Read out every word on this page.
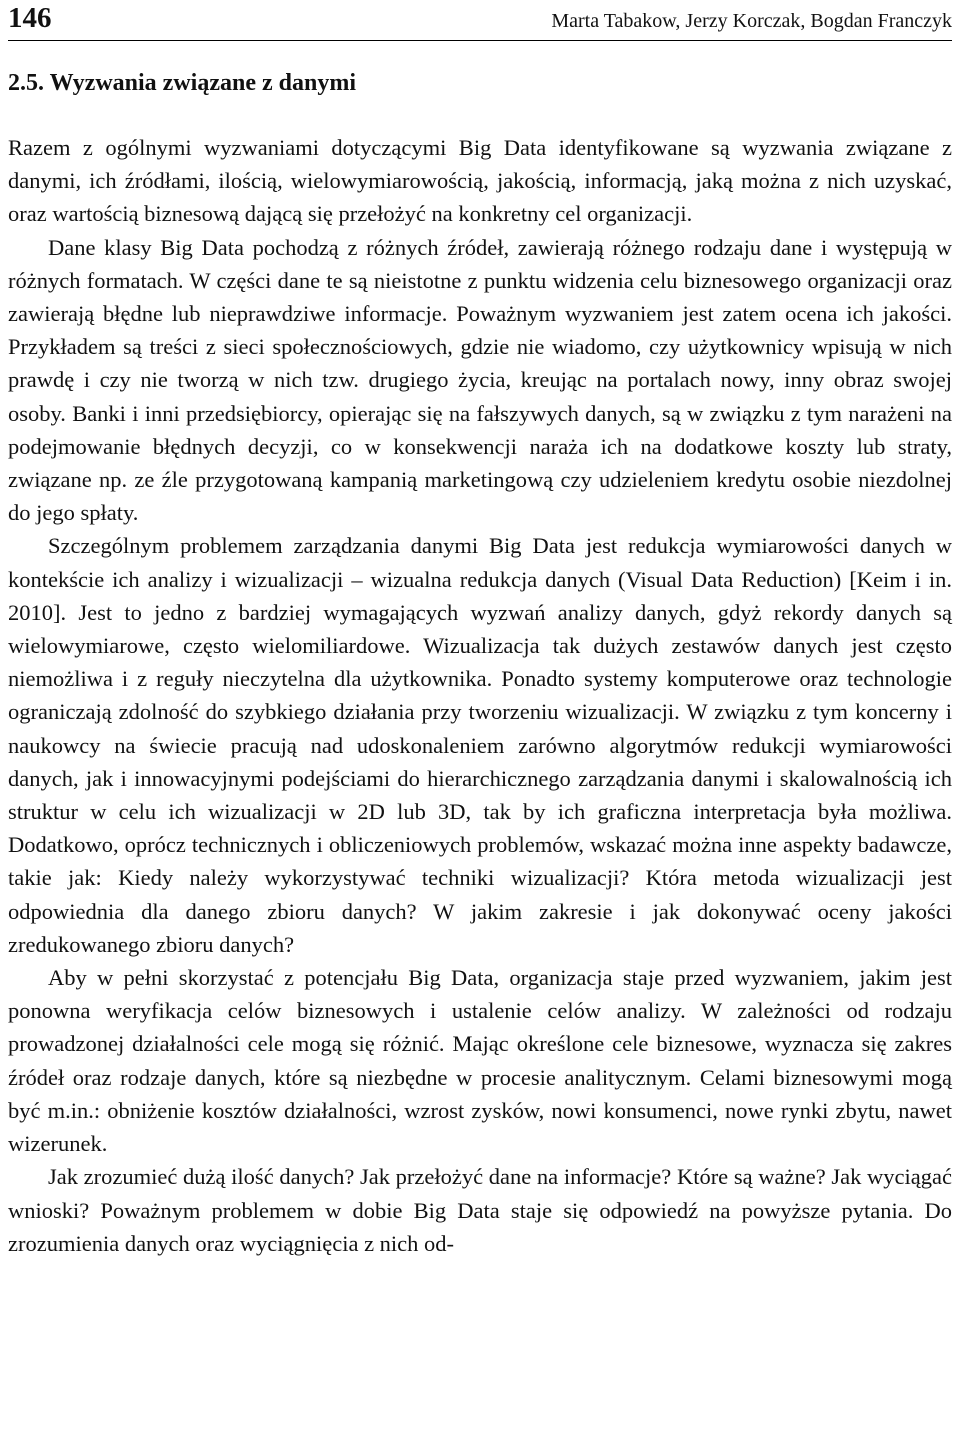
146	Marta Tabakow, Jerzy Korczak, Bogdan Franczyk
2.5. Wyzwania związane z danymi

Razem z ogólnymi wyzwaniami dotyczącymi Big Data identyfikowane są wyzwania związane z danymi, ich źródłami, ilością, wielowymiarowością, jakością, informacją, jaką można z nich uzyskać, oraz wartością biznesową dającą się przełożyć na konkretny cel organizacji.

Dane klasy Big Data pochodzą z różnych źródeł, zawierają różnego rodzaju dane i występują w różnych formatach. W części dane te są nieistotne z punktu widzenia celu biznesowego organizacji oraz zawierają błędne lub nieprawdziwe informacje. Poważnym wyzwaniem jest zatem ocena ich jakości. Przykładem są treści z sieci społecznościowych, gdzie nie wiadomo, czy użytkownicy wpisują w nich prawdę i czy nie tworzą w nich tzw. drugiego życia, kreując na portalach nowy, inny obraz swojej osoby. Banki i inni przedsiębiorcy, opierając się na fałszywych danych, są w związku z tym narażeni na podejmowanie błędnych decyzji, co w konsekwencji naraża ich na dodatkowe koszty lub straty, związane np. ze źle przygotowaną kampanią marketingową czy udzieleniem kredytu osobie niezdolnej do jego spłaty.

Szczególnym problemem zarządzania danymi Big Data jest redukcja wymiarowości danych w kontekście ich analizy i wizualizacji – wizualna redukcja danych (Visual Data Reduction) [Keim i in. 2010]. Jest to jedno z bardziej wymagających wyzwań analizy danych, gdyż rekordy danych są wielowymiarowe, często wielomiliardowe. Wizualizacja tak dużych zestawów danych jest często niemożliwa i z reguły nieczytelna dla użytkownika. Ponadto systemy komputerowe oraz technologie ograniczają zdolność do szybkiego działania przy tworzeniu wizualizacji. W związku z tym koncerny i naukowcy na świecie pracują nad udoskonaleniem zarówno algorytmów redukcji wymiarowości danych, jak i innowacyjnymi podejściami do hierarchicznego zarządzania danymi i skalowalnością ich struktur w celu ich wizualizacji w 2D lub 3D, tak by ich graficzna interpretacja była możliwa. Dodatkowo, oprócz technicznych i obliczeniowych problemów, wskazać można inne aspekty badawcze, takie jak: Kiedy należy wykorzystywać techniki wizualizacji? Która metoda wizualizacji jest odpowiednia dla danego zbioru danych? W jakim zakresie i jak dokonywać oceny jakości zredukowanego zbioru danych?

Aby w pełni skorzystać z potencjału Big Data, organizacja staje przed wyzwaniem, jakim jest ponowna weryfikacja celów biznesowych i ustalenie celów analizy. W zależności od rodzaju prowadzonej działalności cele mogą się różnić. Mając określone cele biznesowe, wyznacza się zakres źródeł oraz rodzaje danych, które są niezbędne w procesie analitycznym. Celami biznesowymi mogą być m.in.: obniżenie kosztów działalności, wzrost zysków, nowi konsumenci, nowe rynki zbytu, nawet wizerunek.

Jak zrozumieć dużą ilość danych? Jak przełożyć dane na informacje? Które są ważne? Jak wyciągać wnioski? Poważnym problemem w dobie Big Data staje się odpowiedź na powyższe pytania. Do zrozumienia danych oraz wyciągnięcia z nich od-
